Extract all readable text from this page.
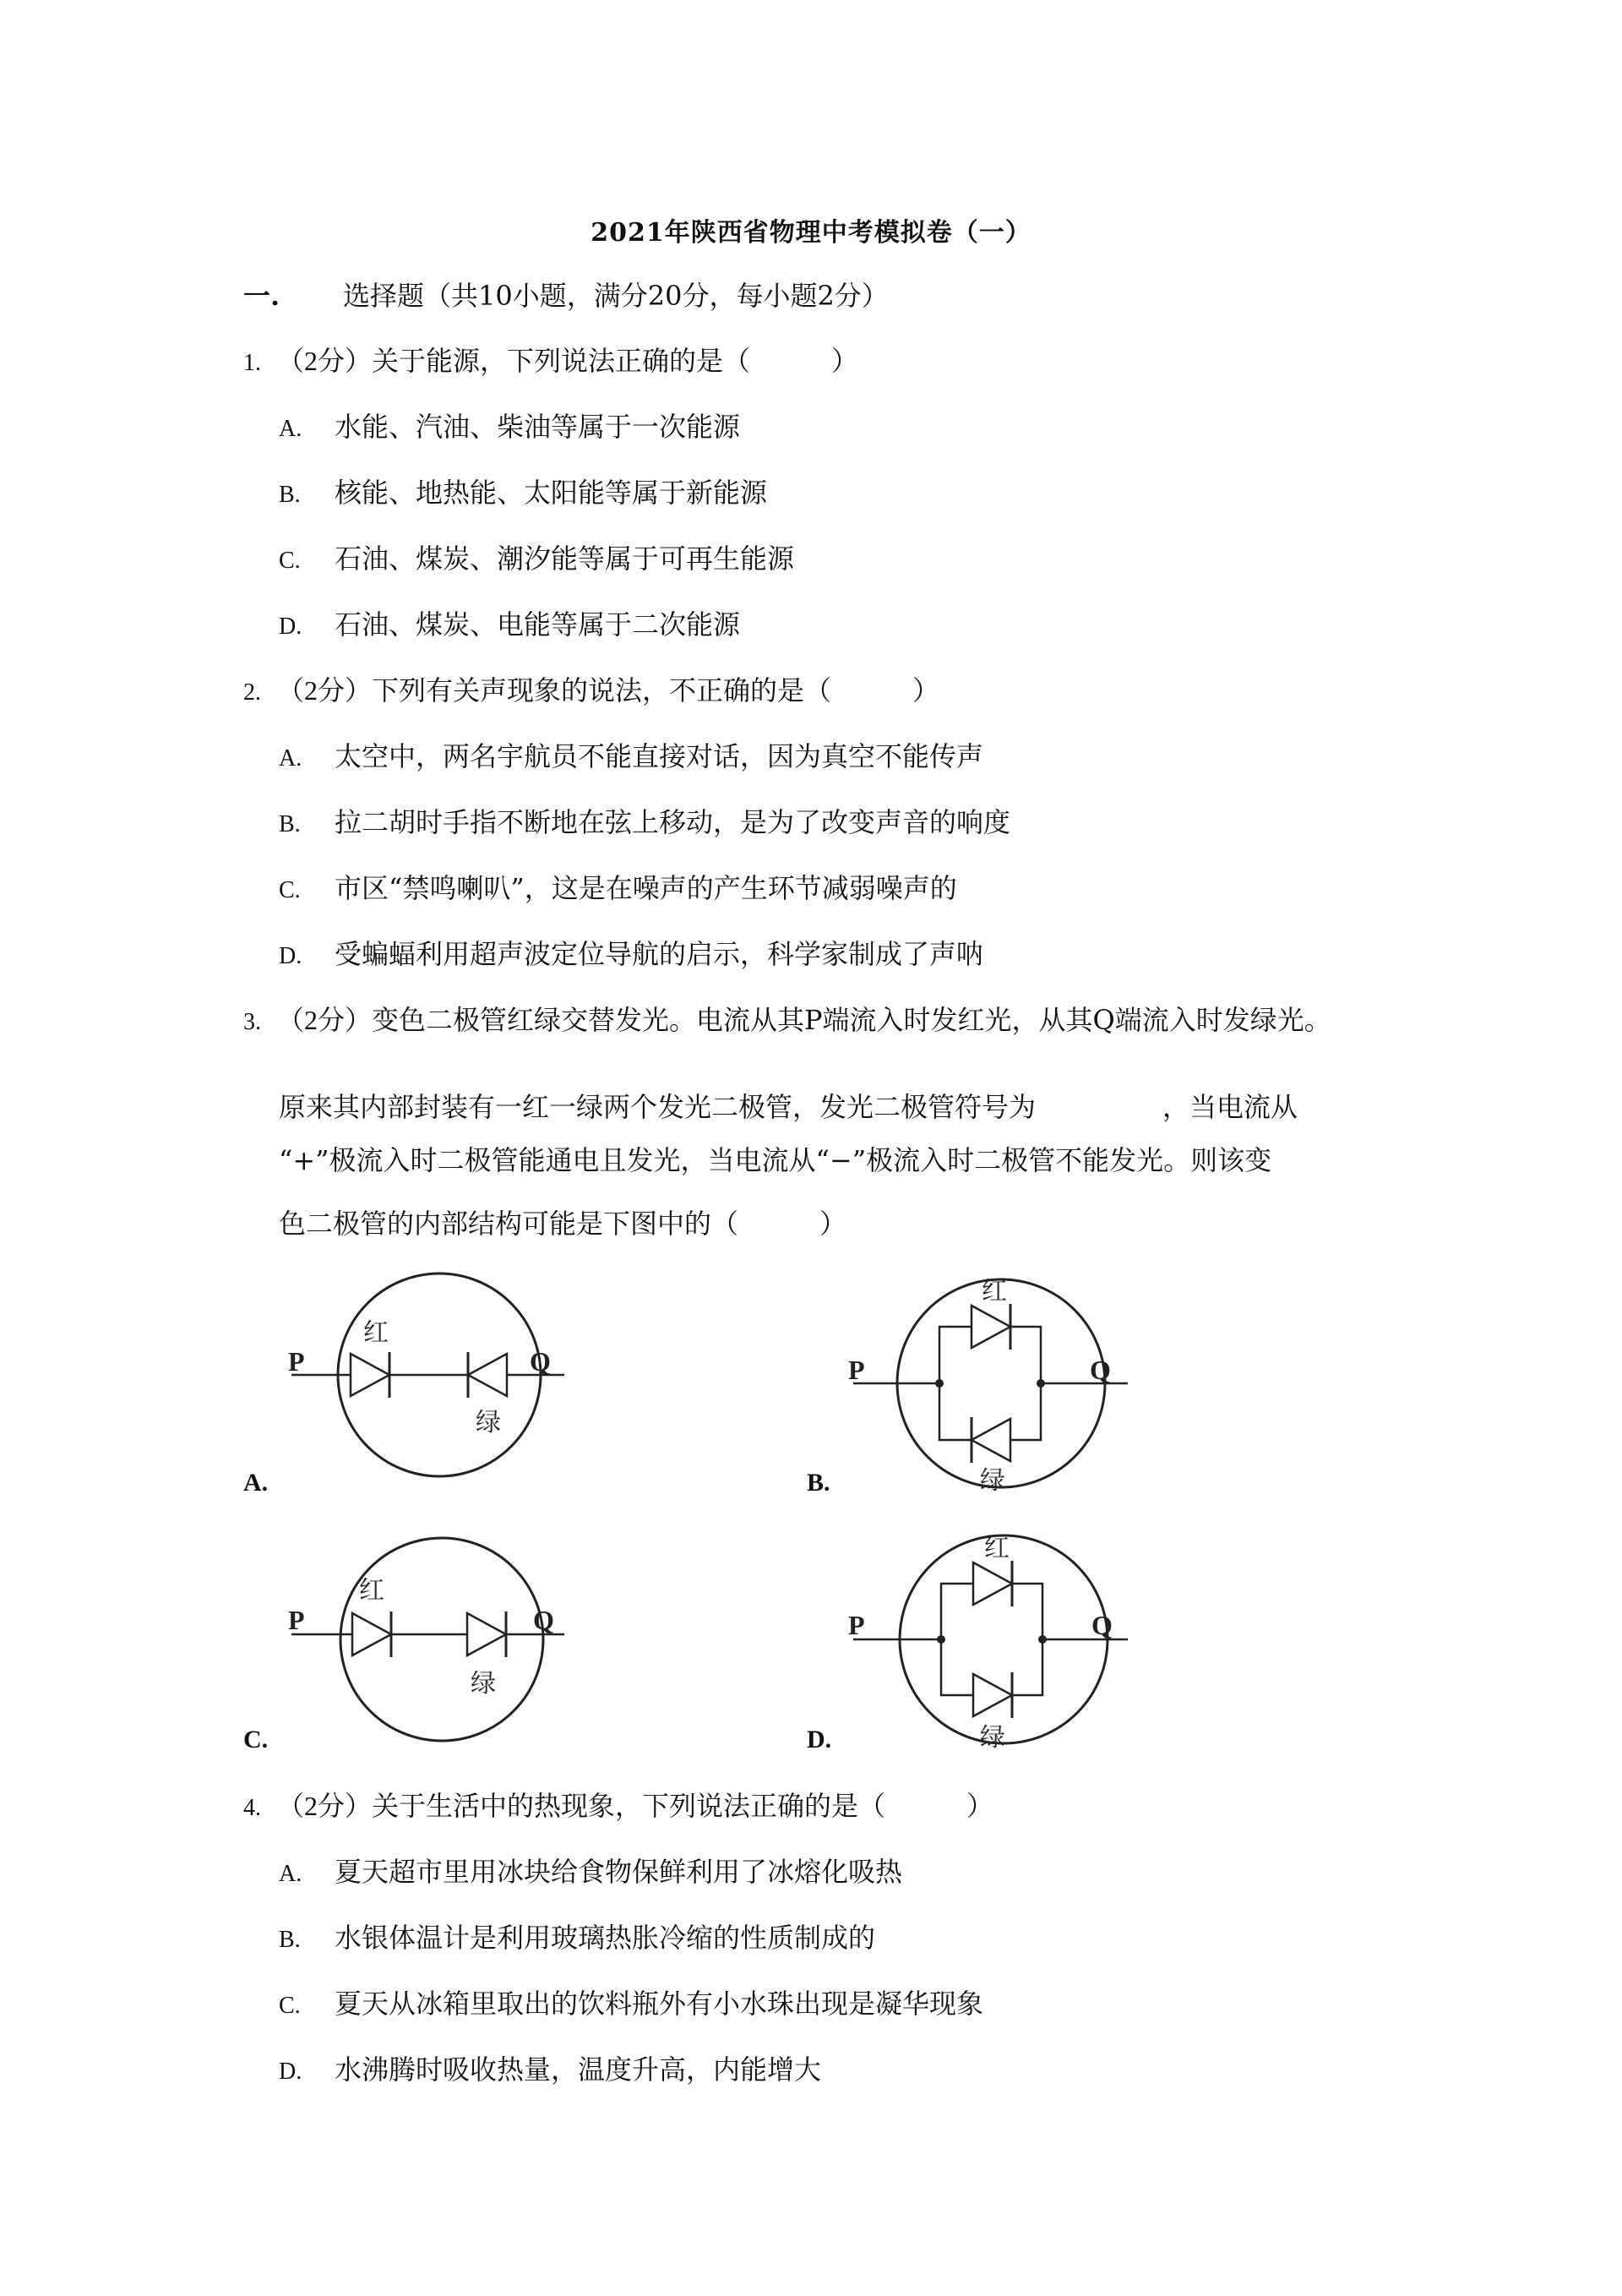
2021年陕西省物理中考模拟卷（一）
一. 选择题（共10小题，满分20分，每小题2分）
1. （2分）关于能源，下列说法正确的是（　　　）
A. 水能、汽油、柴油等属于一次能源
B. 核能、地热能、太阳能等属于新能源
C. 石油、煤炭、潮汐能等属于可再生能源
D. 石油、煤炭、电能等属于二次能源
2. （2分）下列有关声现象的说法，不正确的是（　　　）
A. 太空中，两名宇航员不能直接对话，因为真空不能传声
B. 拉二胡时手指不断地在弦上移动，是为了改变声音的响度
C. 市区“禁鸣喇叭”，这是在噪声的产生环节减弱噪声的
D. 受蝙蝠利用超声波定位导航的启示，科学家制成了声呐
3. （2分）变色二极管红绿交替发光。电流从其P端流入时发红光，从其Q端流入时发绿光。
原来其内部封装有一红一绿两个发光二极管，发光二极管符号为	，当电流从
“+”极流入时二极管能通电且发光，当电流从“−”极流入时二极管不能发光。则该变
色二极管的内部结构可能是下图中的（　　　）
P	Q
红
绿
A.
P	Q
红
绿
B.
P	Q
红
绿
C.
P	Q
红
绿
D.
4. （2分）关于生活中的热现象，下列说法正确的是（　　　）
A. 夏天超市里用冰块给食物保鲜利用了冰熔化吸热
B. 水银体温计是利用玻璃热胀冷缩的性质制成的
C. 夏天从冰箱里取出的饮料瓶外有小水珠出现是凝华现象
D. 水沸腾时吸收热量，温度升高，内能增大
